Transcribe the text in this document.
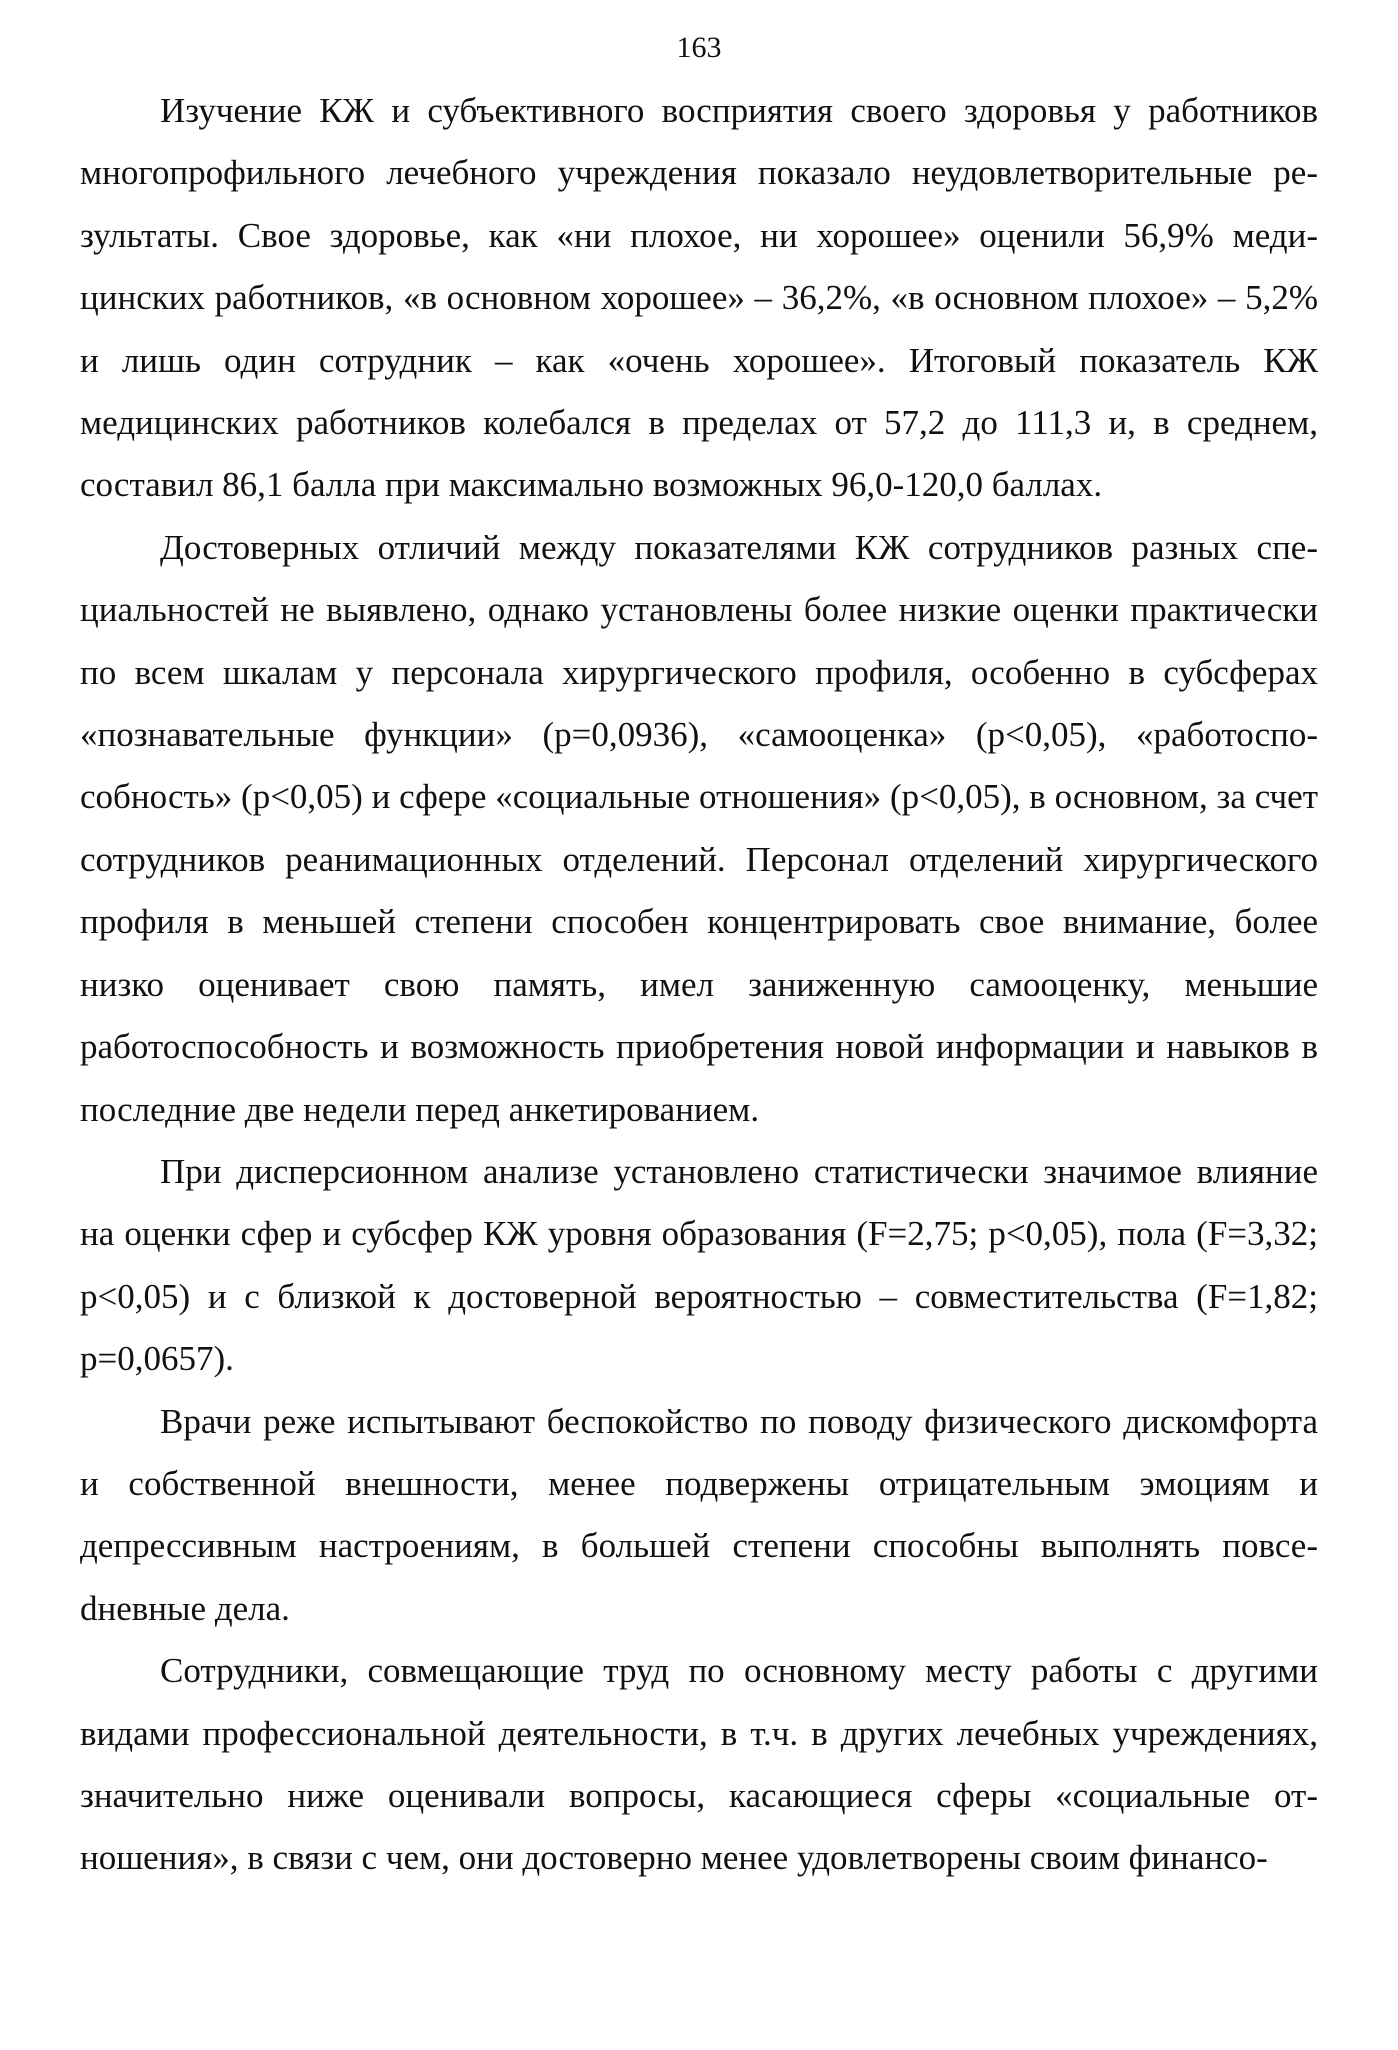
163

Изучение КЖ и субъективного восприятия своего здоровья у работников многопрофильного лечебного учреждения показало неудовлетворительные результаты. Свое здоровье, как «ни плохое, ни хорошее» оценили 56,9% медицинских работников, «в основном хорошее» – 36,2%, «в основном плохое» – 5,2% и лишь один сотрудник – как «очень хорошее». Итоговый показатель КЖ медицинских работников колебался в пределах от 57,2 до 111,3 и, в среднем, составил 86,1 балла при максимально возможных 96,0-120,0 баллах.

Достоверных отличий между показателями КЖ сотрудников разных специальностей не выявлено, однако установлены более низкие оценки практически по всем шкалам у персонала хирургического профиля, особенно в субсферах «познавательные функции» (р=0,0936), «самооценка» (р<0,05), «работоспособность» (р<0,05) и сфере «социальные отношения» (р<0,05), в основном, за счет сотрудников реанимационных отделений. Персонал отделений хирургического профиля в меньшей степени способен концентрировать свое внимание, более низко оценивает свою память, имел заниженную самооценку, меньшие работоспособность и возможность приобретения новой информации и навыков в последние две недели перед анкетированием.

При дисперсионном анализе установлено статистически значимое влияние на оценки сфер и субсфер КЖ уровня образования (F=2,75; р<0,05), пола (F=3,32; р<0,05) и с близкой к достоверной вероятностью – совместительства (F=1,82; р=0,0657).

Врачи реже испытывают беспокойство по поводу физического дискомфорта и собственной внешности, менее подвержены отрицательным эмоциям и депрессивным настроениям, в большей степени способны выполнять повсеdневные дела.

Сотрудники, совмещающие труд по основному месту работы с другими видами профессиональной деятельности, в т.ч. в других лечебных учреждениях, значительно ниже оценивали вопросы, касающиеся сферы «социальные отношения», в связи с чем, они достоверно менее удовлетворены своим финансо-
